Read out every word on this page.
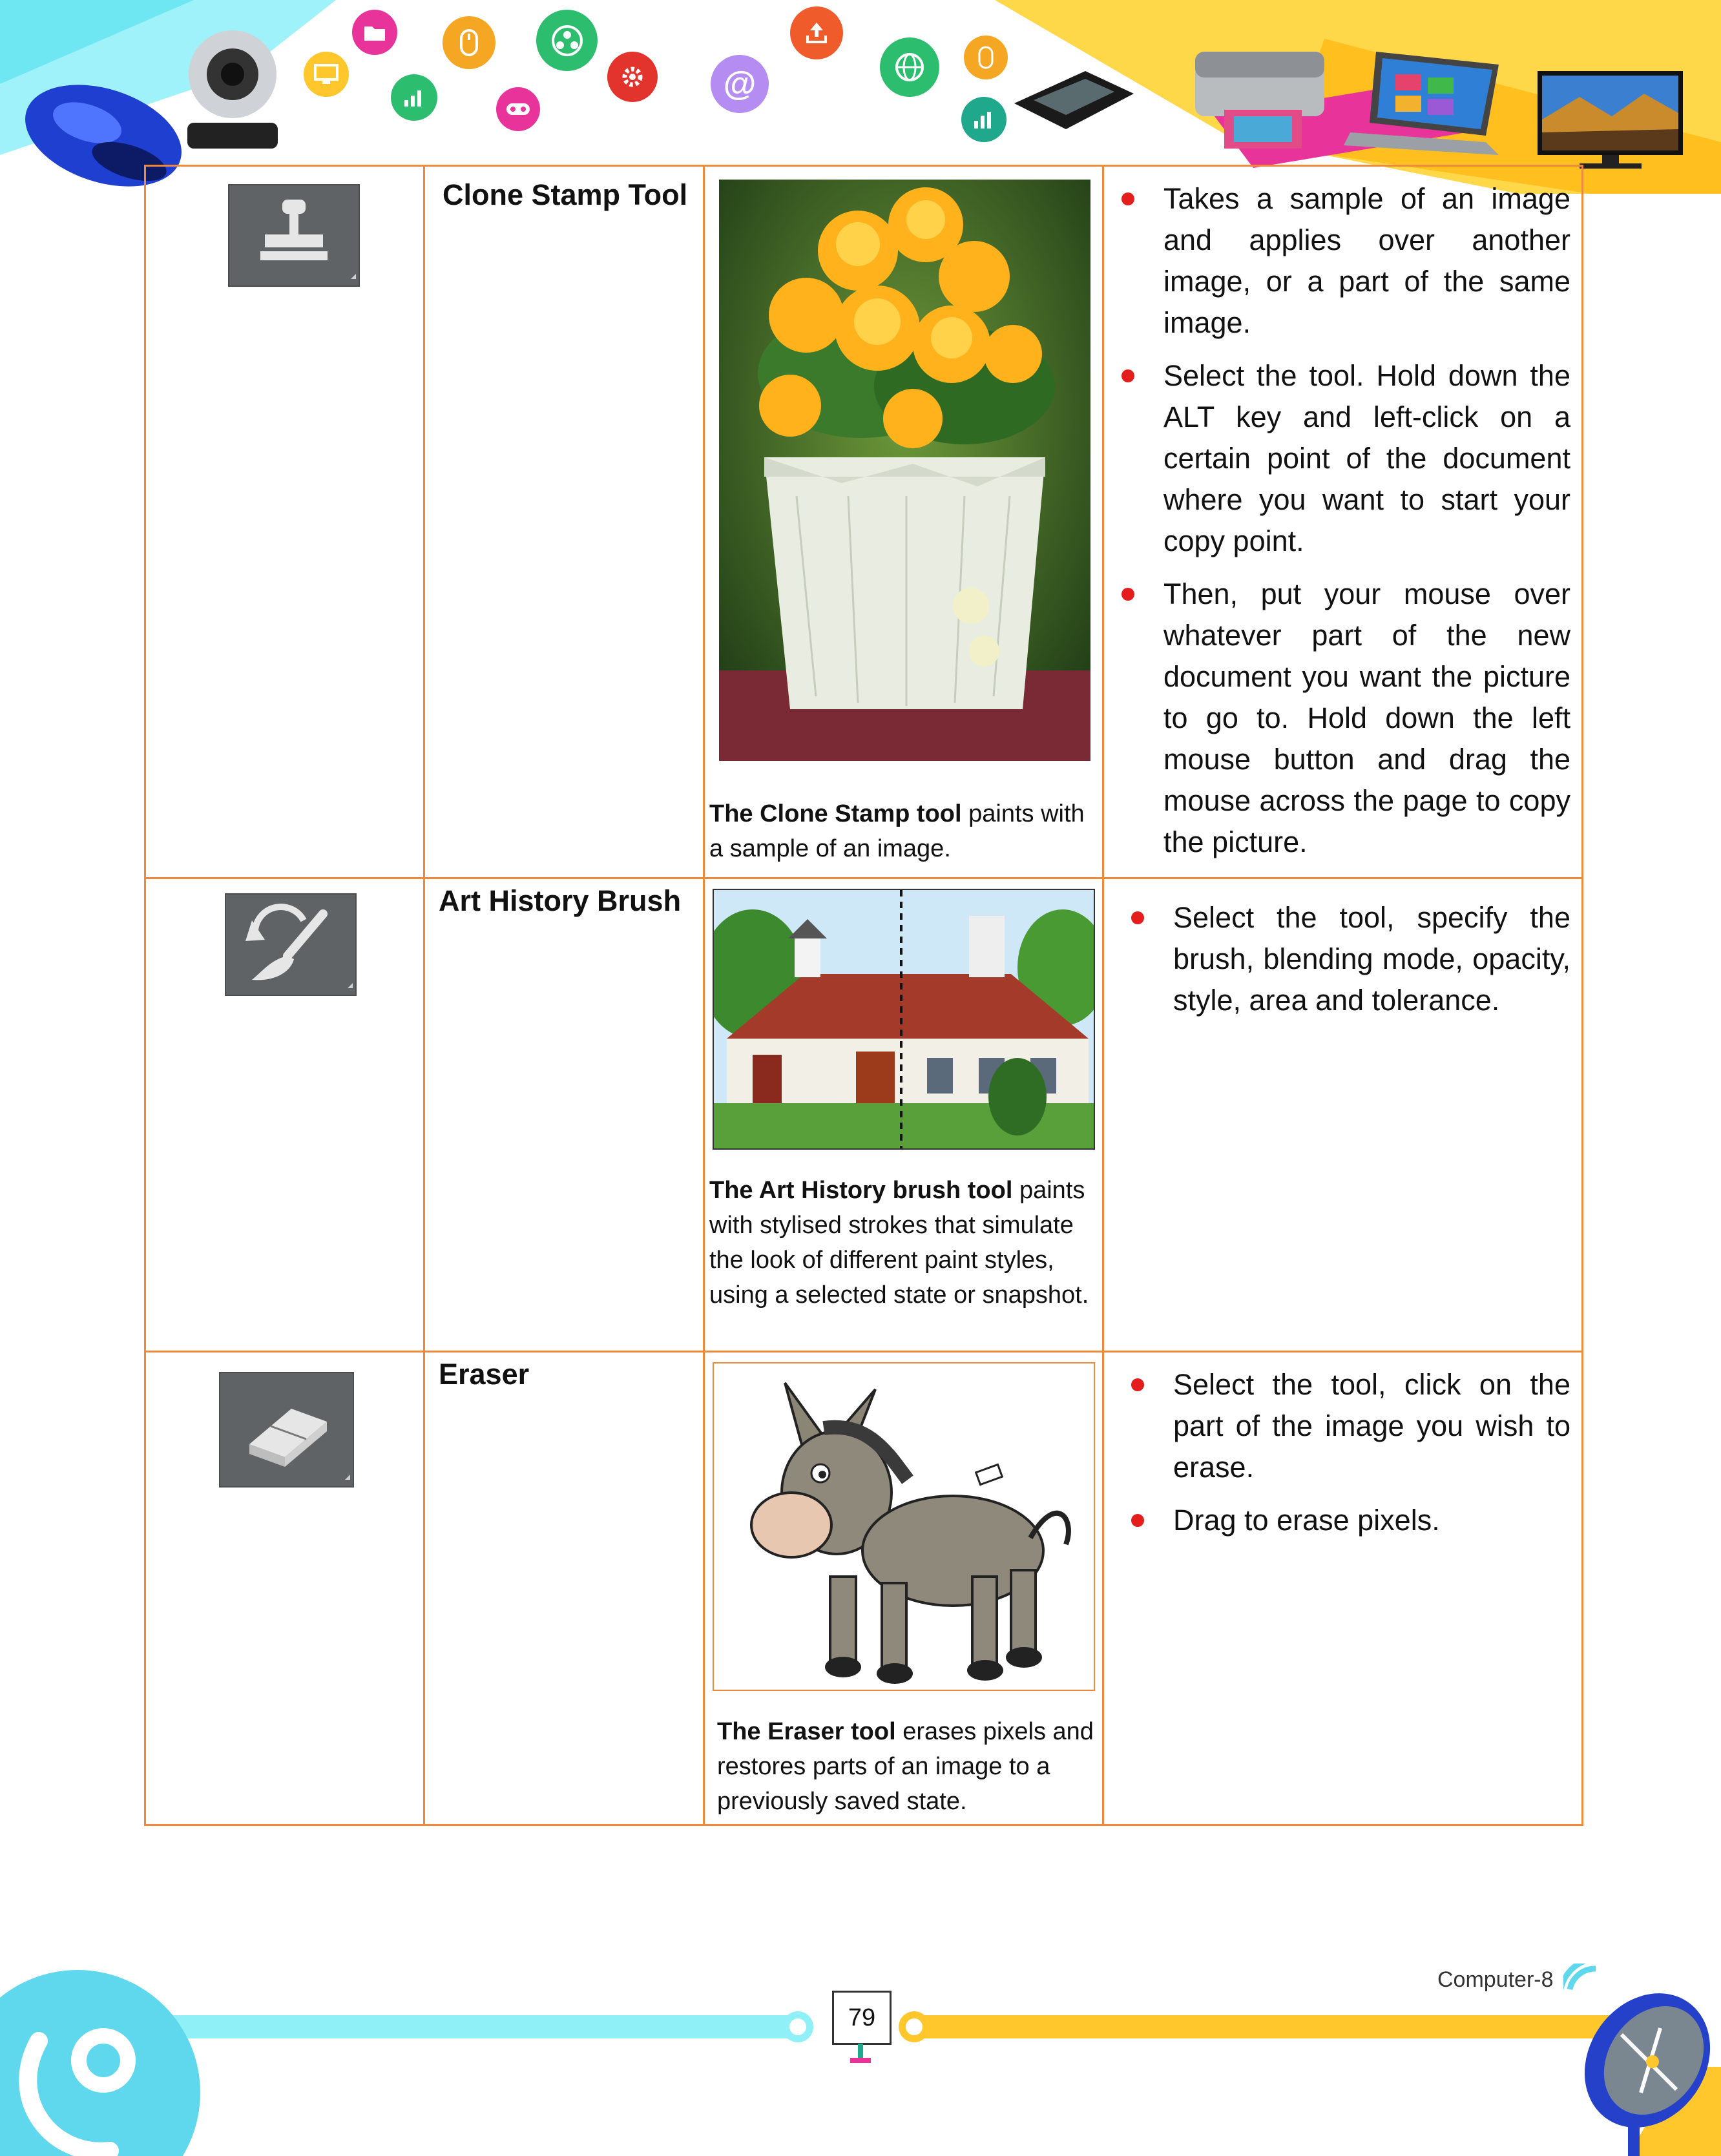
@
Clone Stamp Tool
The Clone Stamp tool paints with a sample of an image.
Takes a sample of an image and applies over another image, or a part of the same image.
Select the tool. Hold down the ALT key and left-click on a certain point of the document where you want to start your copy point.
Then, put your mouse over whatever part of the new document you want the picture to go to. Hold down the left mouse button and drag the mouse across the page to copy the picture.
Art History Brush
The Art History brush tool paints with stylised strokes that simulate the look of different paint styles, using a selected state or snapshot.
Select the tool, specify the brush, blending mode, opacity, style, area and tolerance.
Eraser
The Eraser tool erases pixels and restores parts of an image to a previously saved state.
Select the tool, click on the part of the image you wish to erase.
Drag to erase pixels.
79
Computer-8
